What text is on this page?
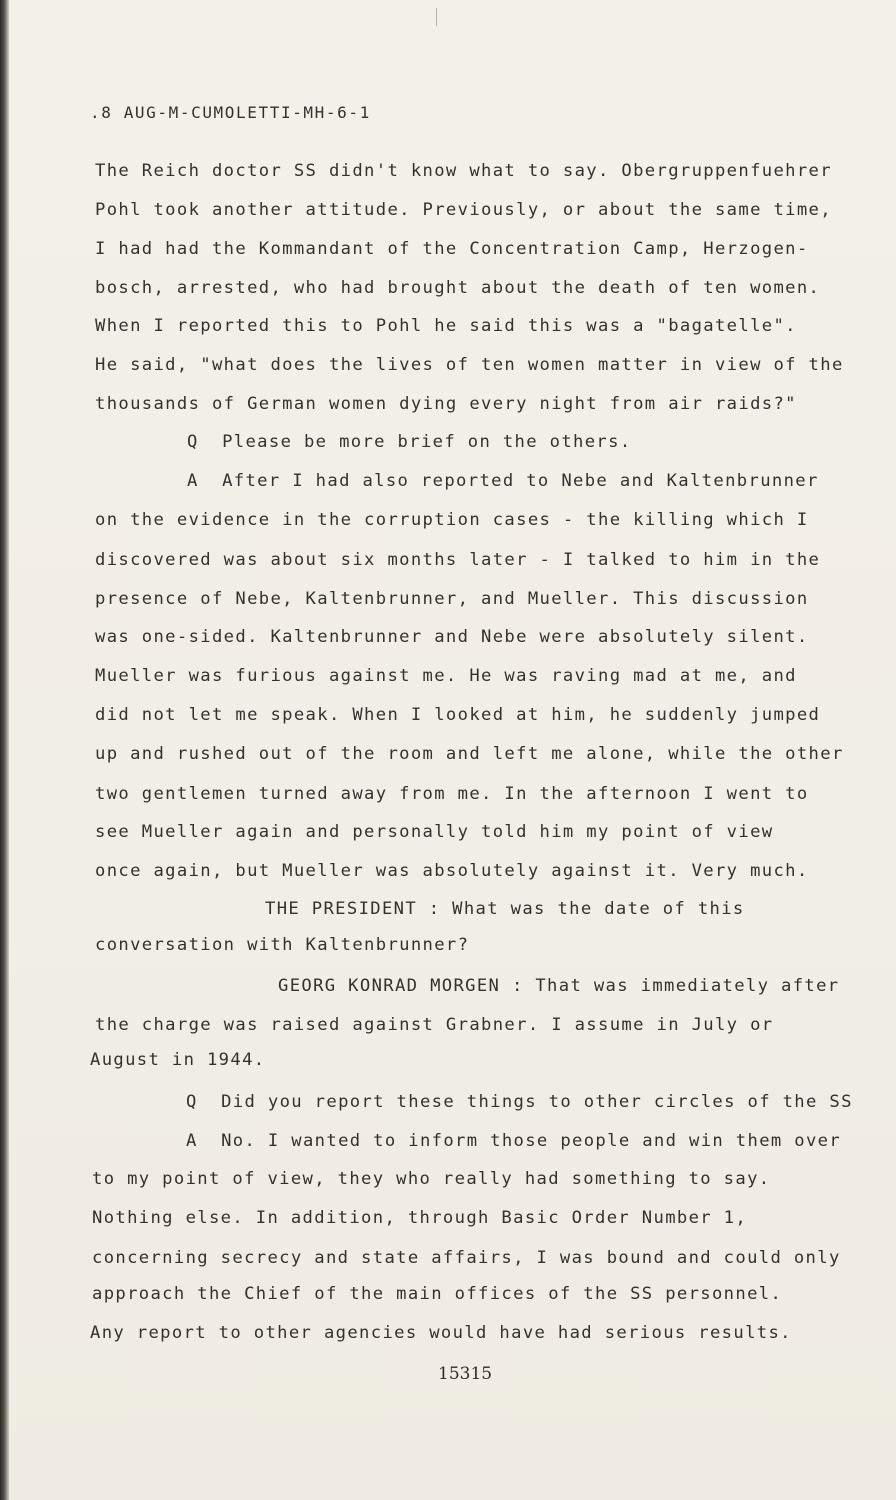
.8 AUG-M-CUMOLETTI-MH-6-1
The Reich doctor SS didn't know what to say. Obergruppenfuehrer
Pohl took another attitude. Previously, or about the same time,
I had had the Kommandant of the Concentration Camp, Herzogen-
bosch, arrested, who had brought about the death of ten women.
When I reported this to Pohl he said this was a "bagatelle".
He said, "what does the lives of ten women matter in view of the
thousands of German women dying every night from air raids?"
Q  Please be more brief on the others.
A  After I had also reported to Nebe and Kaltenbrunner
on the evidence in the corruption cases - the killing which I
discovered was about six months later - I talked to him in the
presence of Nebe, Kaltenbrunner, and Mueller. This discussion
was one-sided. Kaltenbrunner and Nebe were absolutely silent.
Mueller was furious against me. He was raving mad at me, and
did not let me speak. When I looked at him, he suddenly jumped
up and rushed out of the room and left me alone, while the other
two gentlemen turned away from me. In the afternoon I went to
see Mueller again and personally told him my point of view
once again, but Mueller was absolutely against it. Very much.
THE PRESIDENT : What was the date of this
conversation with Kaltenbrunner?
GEORG KONRAD MORGEN : That was immediately after
the charge was raised against Grabner. I assume in July or
August in 1944.
Q  Did you report these things to other circles of the SS
A  No. I wanted to inform those people and win them over
to my point of view, they who really had something to say.
Nothing else. In addition, through Basic Order Number 1,
concerning secrecy and state affairs, I was bound and could only
approach the Chief of the main offices of the SS personnel.
Any report to other agencies would have had serious results.
15315
